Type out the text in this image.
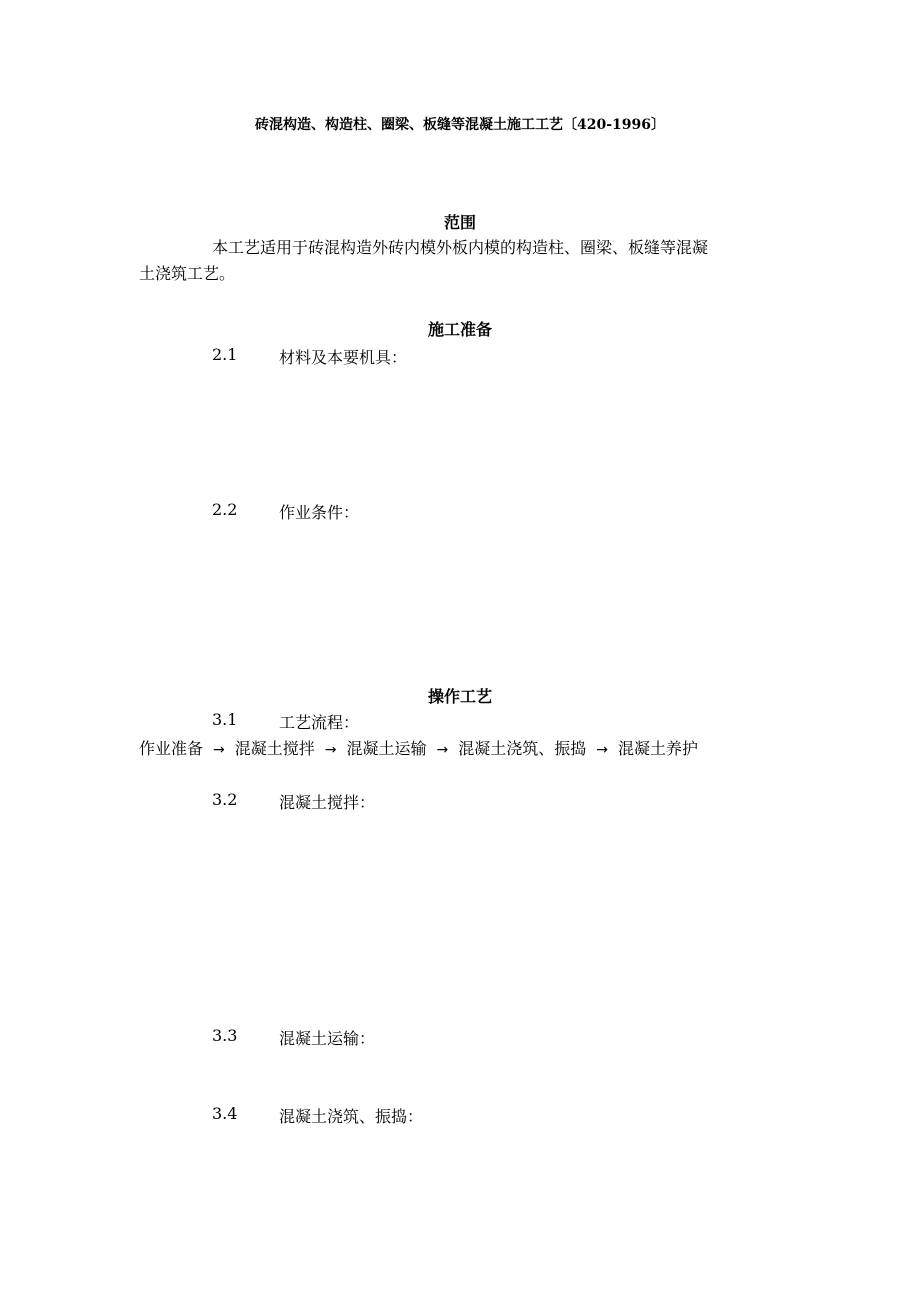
砖混构造、构造柱、圈梁、板缝等混凝土施工工艺〔420-1996〕
范围
本工艺适用于砖混构造外砖内模外板内模的构造柱、圈梁、板缝等混凝
土浇筑工艺。
施工准备
2.1	材料及本要机具：
2.2	作业条件：
操作工艺
3.1	工艺流程：
作业准备 → 混凝土搅拌 → 混凝土运输 → 混凝土浇筑、振捣 → 混凝土养护
3.2	混凝土搅拌：
3.3	混凝土运输：
3.4	混凝土浇筑、振捣：
